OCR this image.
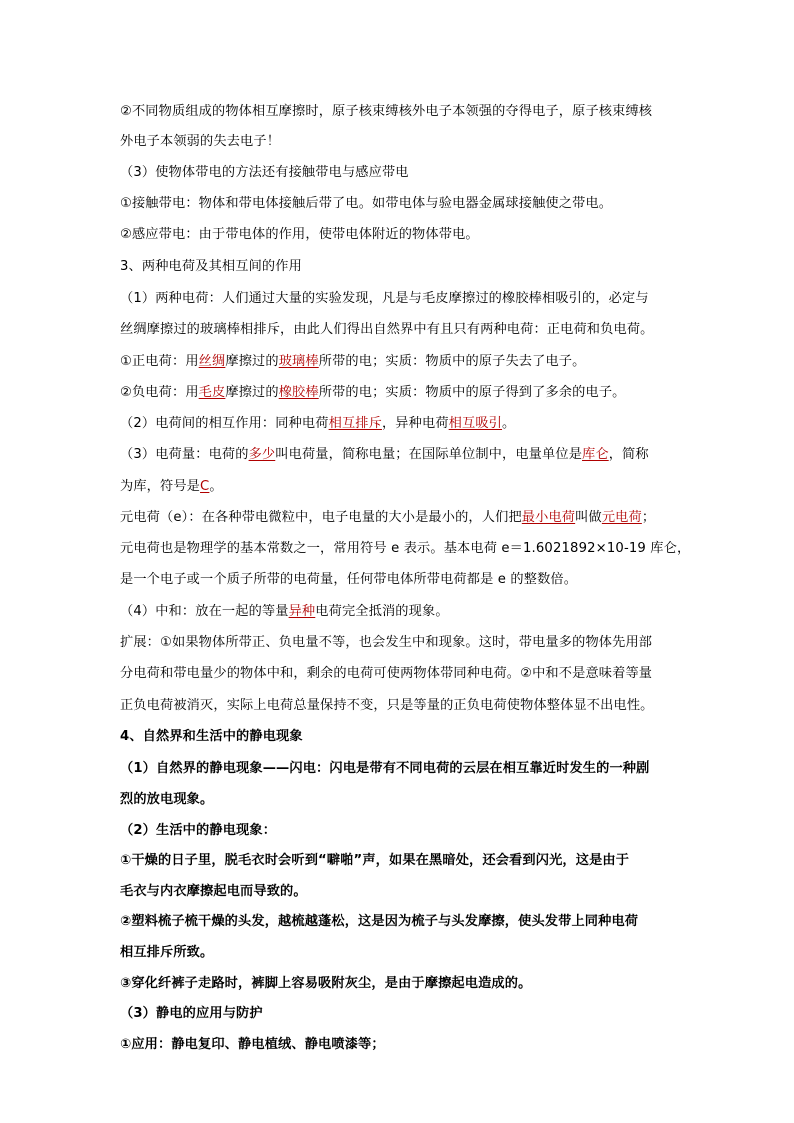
②不同物质组成的物体相互摩擦时，原子核束缚核外电子本领强的夺得电子，原子核束缚核
外电子本领弱的失去电子！
（3）使物体带电的方法还有接触带电与感应带电
①接触带电：物体和带电体接触后带了电。如带电体与验电器金属球接触使之带电。
②感应带电：由于带电体的作用，使带电体附近的物体带电。
3、两种电荷及其相互间的作用
（1）两种电荷：人们通过大量的实验发现，凡是与毛皮摩擦过的橡胶棒相吸引的，必定与
丝绸摩擦过的玻璃棒相排斥，由此人们得出自然界中有且只有两种电荷：正电荷和负电荷。
①正电荷：用丝绸摩擦过的玻璃棒所带的电；实质：物质中的原子失去了电子。
②负电荷：用毛皮摩擦过的橡胶棒所带的电；实质：物质中的原子得到了多余的电子。
（2）电荷间的相互作用：同种电荷相互排斥，异种电荷相互吸引。
（3）电荷量：电荷的多少叫电荷量，简称电量；在国际单位制中，电量单位是库仑，简称
为库，符号是C。
元电荷（e）：在各种带电微粒中，电子电量的大小是最小的，人们把最小电荷叫做元电荷；
元电荷也是物理学的基本常数之一，常用符号 e 表示。基本电荷 e＝1.6021892×10-19 库仑，
是一个电子或一个质子所带的电荷量，任何带电体所带电荷都是 e 的整数倍。
（4）中和：放在一起的等量异种电荷完全抵消的现象。
扩展：①如果物体所带正、负电量不等，也会发生中和现象。这时，带电量多的物体先用部
分电荷和带电量少的物体中和，剩余的电荷可使两物体带同种电荷。②中和不是意味着等量
正负电荷被消灭，实际上电荷总量保持不变，只是等量的正负电荷使物体整体显不出电性。
4、自然界和生活中的静电现象
（1）自然界的静电现象——闪电：闪电是带有不同电荷的云层在相互靠近时发生的一种剧
烈的放电现象。
（2）生活中的静电现象：
①干燥的日子里，脱毛衣时会听到“噼啪”声，如果在黑暗处，还会看到闪光，这是由于
毛衣与内衣摩擦起电而导致的。
②塑料梳子梳干燥的头发，越梳越蓬松，这是因为梳子与头发摩擦，使头发带上同种电荷
相互排斥所致。
③穿化纤裤子走路时，裤脚上容易吸附灰尘，是由于摩擦起电造成的。
（3）静电的应用与防护
①应用：静电复印、静电植绒、静电喷漆等；
